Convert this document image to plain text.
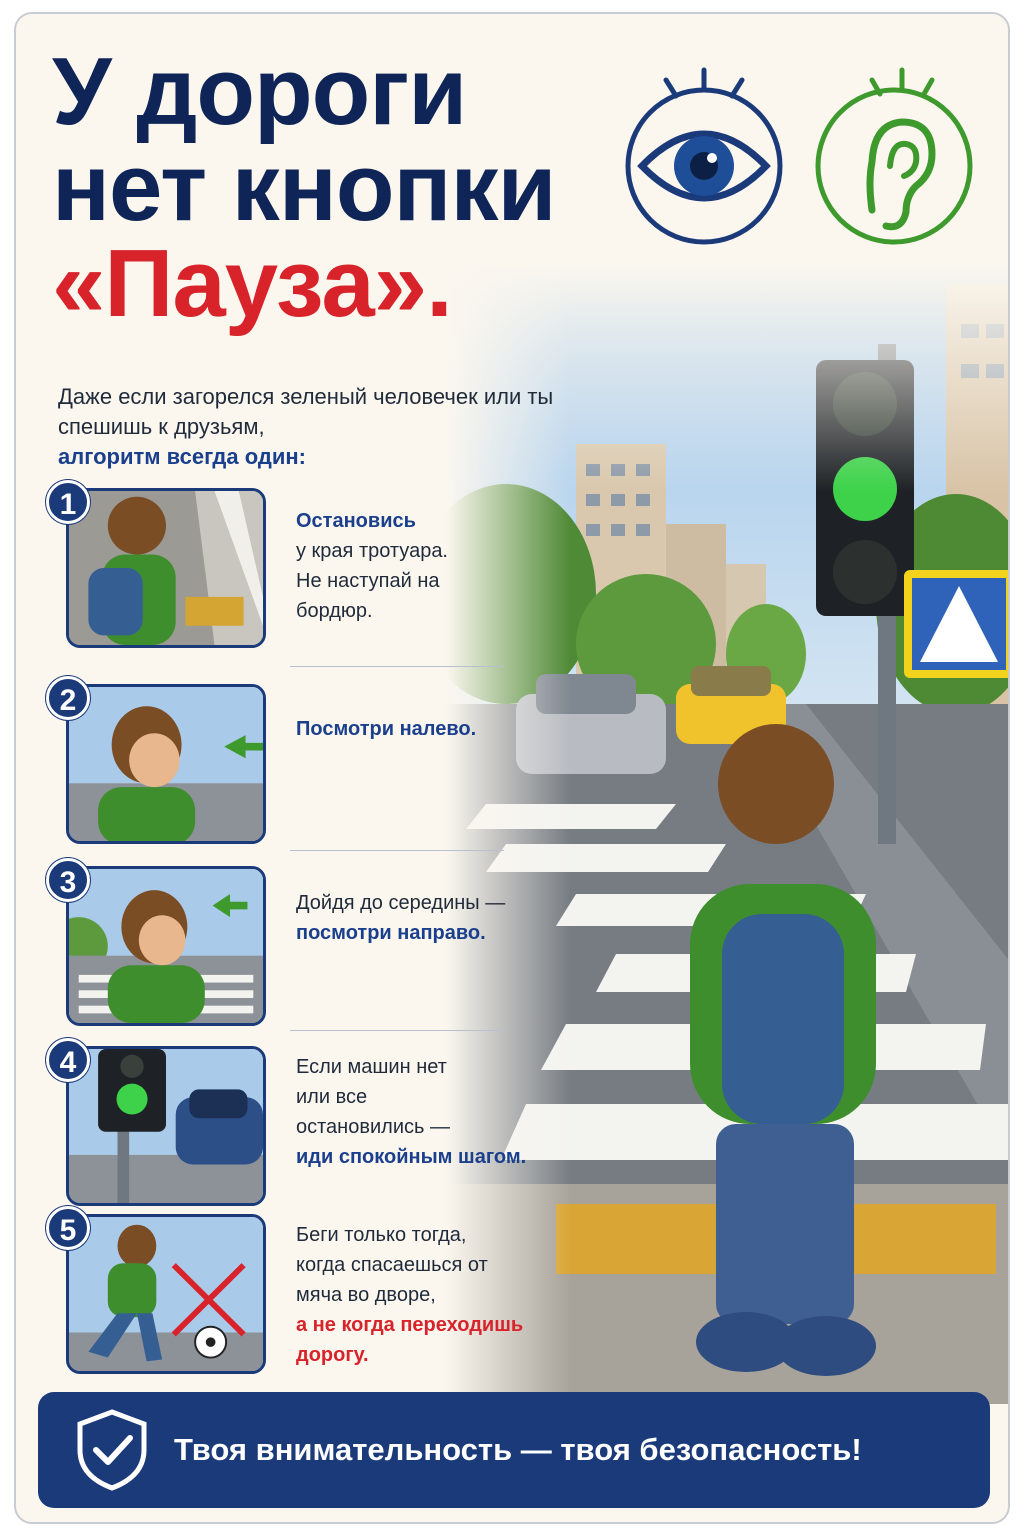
У дороги
нет кнопки
«Пауза».
Даже если загорелся зеленый человечек или ты спешишь к друзьям,
алгоритм всегда один:
1	Остановись
у края тротуара. Не наступай на бордюр.
2
Посмотри налево.
3
Дойдя до середины —
посмотри направо.
4	Если машин нет или все остановились —
иди спокойным шагом.
5	Беги только тогда, когда спасаешься от мяча во дворе,
а не когда переходишь дорогу.
Твоя внимательность — твоя безопасность!
